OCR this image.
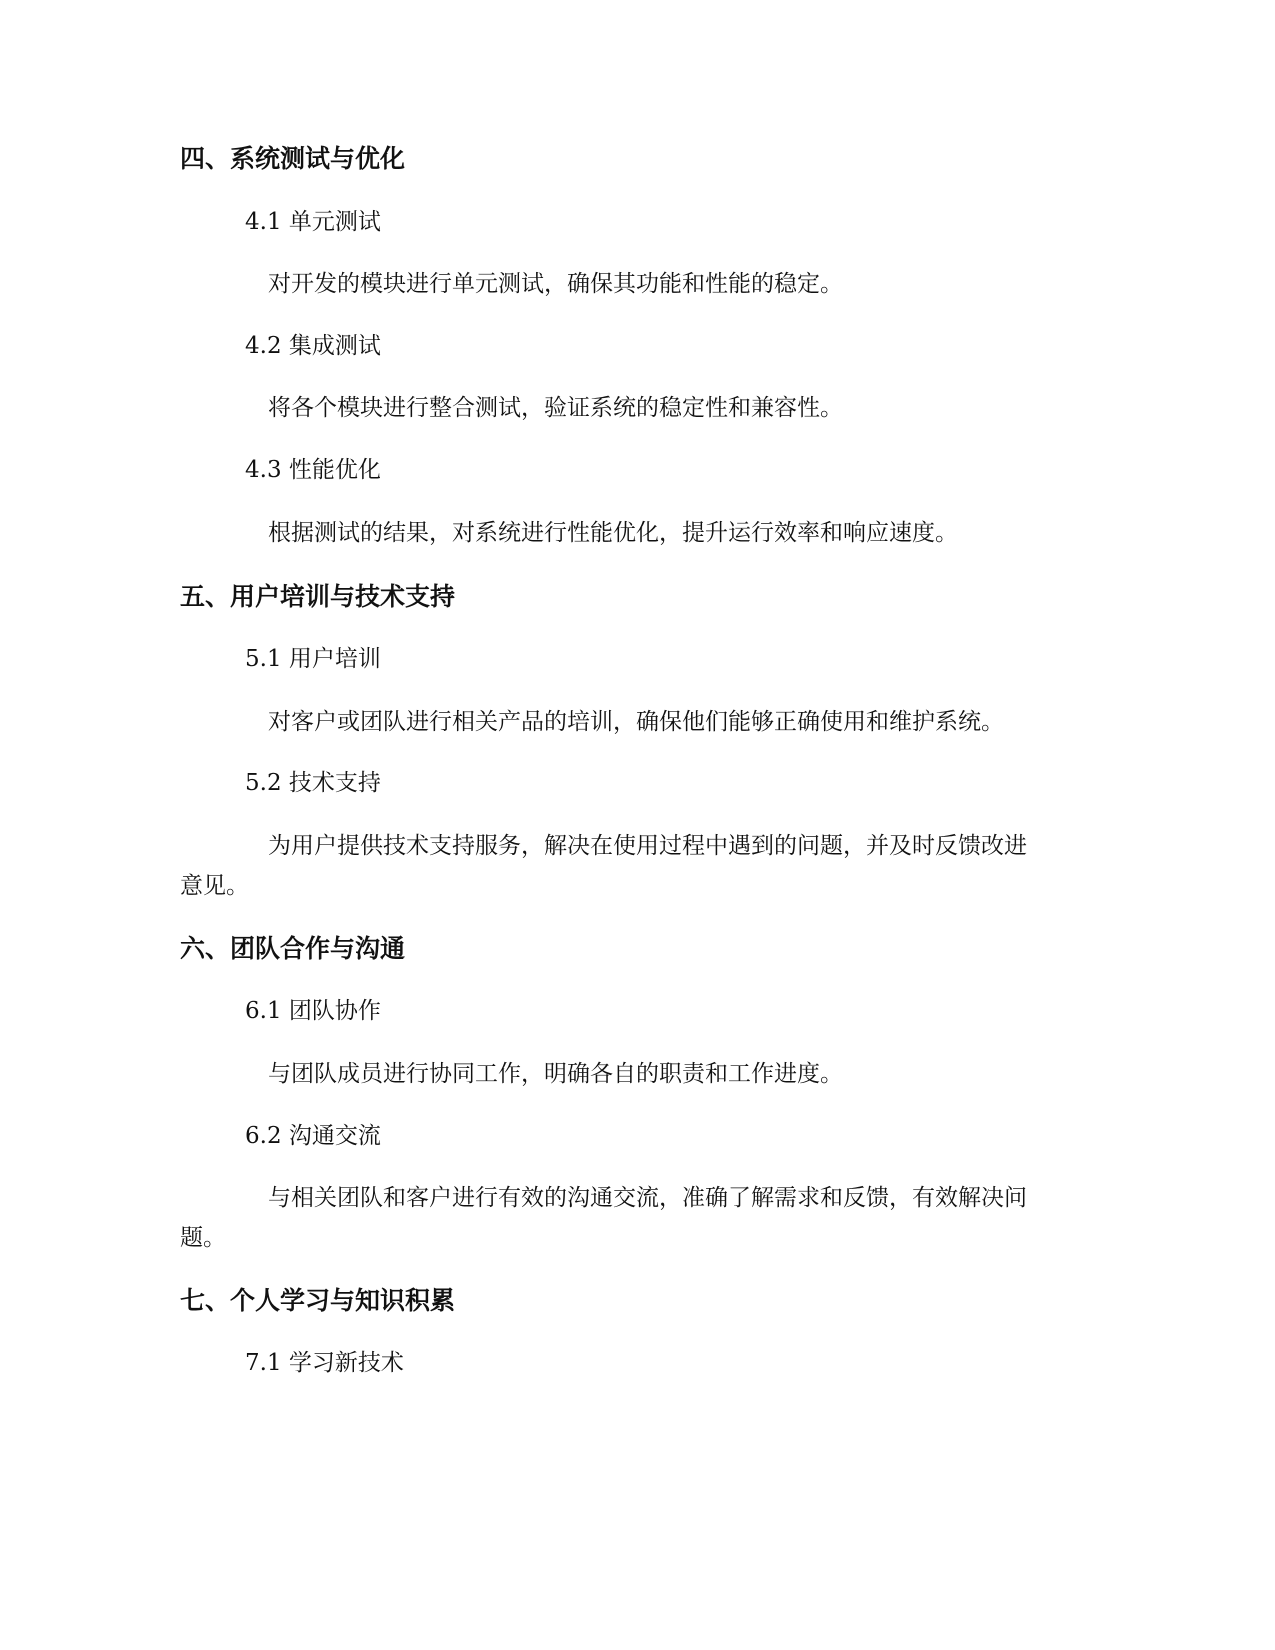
四、系统测试与优化
4.1 单元测试

对开发的模块进行单元测试，确保其功能和性能的稳定。

4.2 集成测试

将各个模块进行整合测试，验证系统的稳定性和兼容性。

4.3 性能优化

根据测试的结果，对系统进行性能优化，提升运行效率和响应速度。

五、用户培训与技术支持
5.1 用户培训

对客户或团队进行相关产品的培训，确保他们能够正确使用和维护系统。

5.2 技术支持

为用户提供技术支持服务，解决在使用过程中遇到的问题，并及时反馈改进意见。

六、团队合作与沟通
6.1 团队协作

与团队成员进行协同工作，明确各自的职责和工作进度。

6.2 沟通交流

与相关团队和客户进行有效的沟通交流，准确了解需求和反馈，有效解决问题。

七、个人学习与知识积累
7.1 学习新技术
